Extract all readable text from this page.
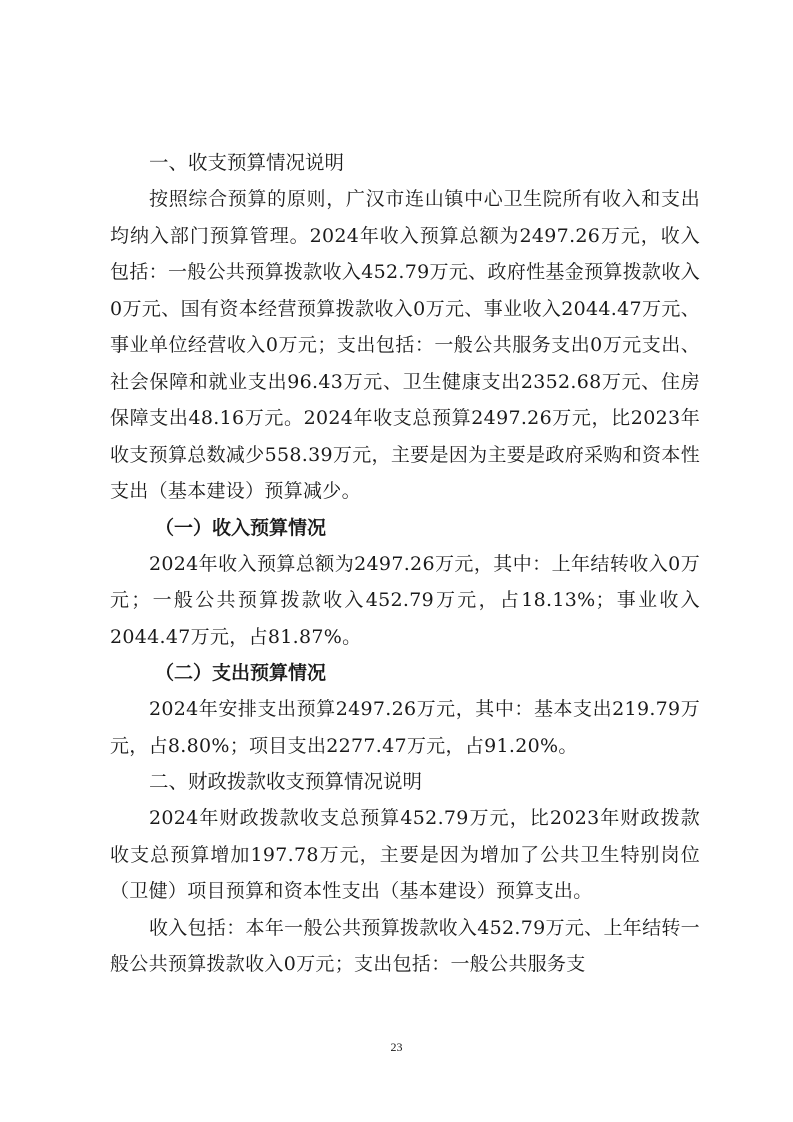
一、收支预算情况说明

按照综合预算的原则，广汉市连山镇中心卫生院所有收入和支出均纳入部门预算管理。2024年收入预算总额为2497.26万元，收入包括：一般公共预算拨款收入452.79万元、政府性基金预算拨款收入0万元、国有资本经营预算拨款收入0万元、事业收入2044.47万元、事业单位经营收入0万元；支出包括：一般公共服务支出0万元支出、社会保障和就业支出96.43万元、卫生健康支出2352.68万元、住房保障支出48.16万元。2024年收支总预算2497.26万元，比2023年收支预算总数减少558.39万元，主要是因为主要是政府采购和资本性支出（基本建设）预算减少。

（一）收入预算情况

2024年收入预算总额为2497.26万元，其中：上年结转收入0万元；一般公共预算拨款收入452.79万元，占18.13%；事业收入2044.47万元，占81.87%。

（二）支出预算情况

2024年安排支出预算2497.26万元，其中：基本支出219.79万元，占8.80%；项目支出2277.47万元，占91.20%。

二、财政拨款收支预算情况说明

2024年财政拨款收支总预算452.79万元，比2023年财政拨款收支总预算增加197.78万元，主要是因为增加了公共卫生特别岗位（卫健）项目预算和资本性支出（基本建设）预算支出。

收入包括：本年一般公共预算拨款收入452.79万元、上年结转一般公共预算拨款收入0万元；支出包括：一般公共服务支

23
